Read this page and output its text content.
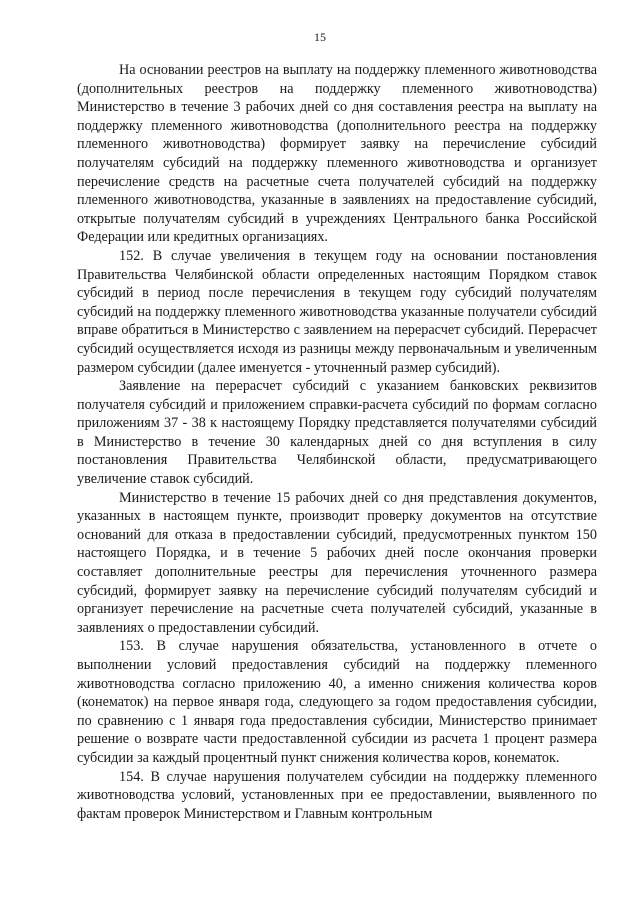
15

На основании реестров на выплату на поддержку племенного животноводства (дополнительных реестров на поддержку племенного животноводства) Министерство в течение 3 рабочих дней со дня составления реестра на выплату на поддержку племенного животноводства (дополнительного реестра на поддержку племенного животноводства) формирует заявку на перечисление субсидий получателям субсидий на поддержку племенного животноводства и организует перечисление средств на расчетные счета получателей субсидий на поддержку племенного животноводства, указанные в заявлениях на предоставление субсидий, открытые получателям субсидий в учреждениях Центрального банка Российской Федерации или кредитных организациях.

152. В случае увеличения в текущем году на основании постановления Правительства Челябинской области определенных настоящим Порядком ставок субсидий в период после перечисления в текущем году субсидий получателям субсидий на поддержку племенного животноводства указанные получатели субсидий вправе обратиться в Министерство с заявлением на перерасчет субсидий. Перерасчет субсидий осуществляется исходя из разницы между первоначальным и увеличенным размером субсидии (далее именуется - уточненный размер субсидий).

Заявление на перерасчет субсидий с указанием банковских реквизитов получателя субсидий и приложением справки-расчета субсидий по формам согласно приложениям 37 - 38 к настоящему Порядку представляется получателями субсидий в Министерство в течение 30 календарных дней со дня вступления в силу постановления Правительства Челябинской области, предусматривающего увеличение ставок субсидий.

Министерство в течение 15 рабочих дней со дня представления документов, указанных в настоящем пункте, производит проверку документов на отсутствие оснований для отказа в предоставлении субсидий, предусмотренных пунктом 150 настоящего Порядка, и в течение 5 рабочих дней после окончания проверки составляет дополнительные реестры для перечисления уточненного размера субсидий, формирует заявку на перечисление субсидий получателям субсидий и организует перечисление на расчетные счета получателей субсидий, указанные в заявлениях о предоставлении субсидий.

153. В случае нарушения обязательства, установленного в отчете о выполнении условий предоставления субсидий на поддержку племенного животноводства согласно приложению 40, а именно снижения количества коров (конематок) на первое января года, следующего за годом предоставления субсидии, по сравнению с 1 января года предоставления субсидии, Министерство принимает решение о возврате части предоставленной субсидии из расчета 1 процент размера субсидии за каждый процентный пункт снижения количества коров, конематок.

154. В случае нарушения получателем субсидии на поддержку племенного животноводства условий, установленных при ее предоставлении, выявленного по фактам проверок Министерством и Главным контрольным
